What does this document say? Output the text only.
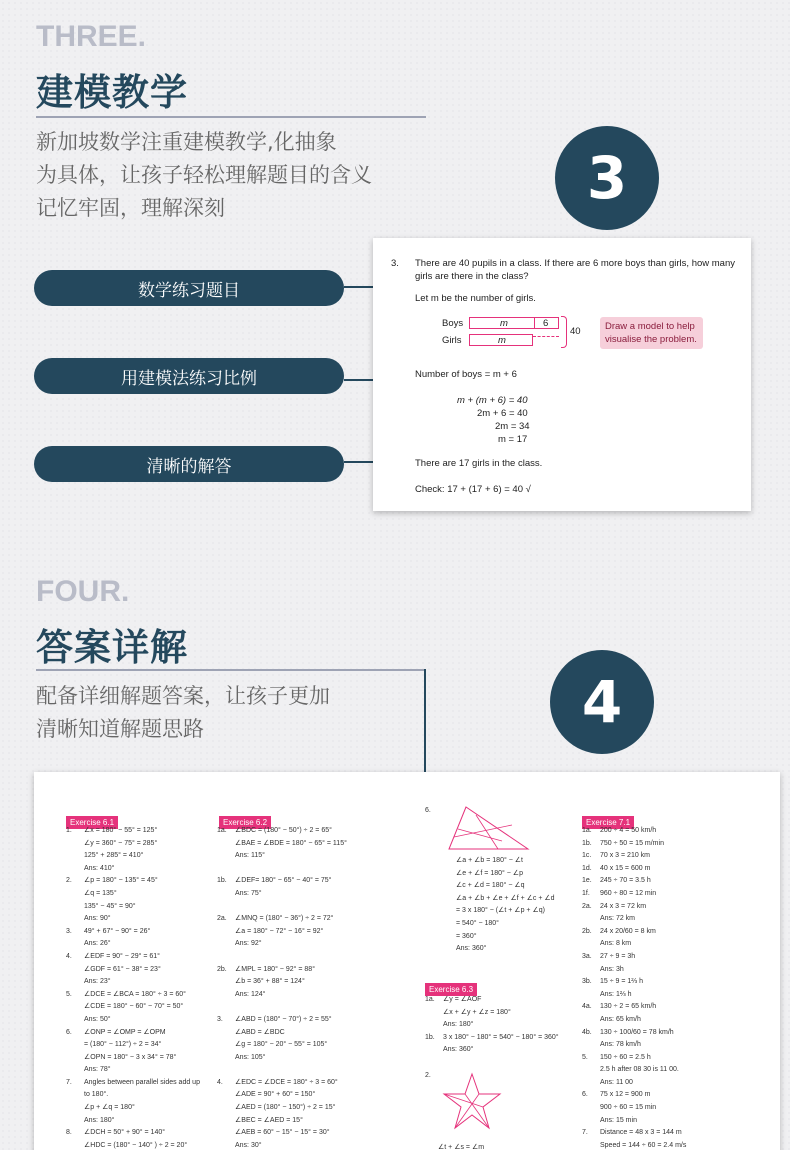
THREE.
建模教学
新加坡数学注重建模教学,化抽象
为具体，让孩子轻松理解题目的含义
记忆牢固，理解深刻	3
数学练习题目
用建模法练习比例
清晰的解答
3. There are 40 pupils in a class. If there are 6 more boys than girls, how many
girls are there in the class?
Let m be the number of girls.
Boys	m	6
Girls	m
40	Draw a model to help
visualise the problem.
Number of boys = m + 6
m + (m + 6) = 40
2m + 6 = 40
2m = 34
m = 17
There are 17 girls in the class.
Check: 17 + (17 + 6) = 40 √
FOUR.
答案详解
配备详细解题答案，让孩子更加
清晰知道解题思路	4
Exercise 6.1
1.	∠x = 180° − 55° = 125°

∠y = 360° − 75° = 285°

125° + 285° = 410°

Ans: 410°
2.	∠p = 180° − 135° = 45°

∠q = 135°

135° − 45° = 90°

Ans: 90°
3.	49° + 67° − 90° = 26°

Ans: 26°
4.	∠EDF = 90° − 29° = 61°

∠GDF = 61° − 38° = 23°

Ans: 23°
5.	∠DCE = ∠BCA = 180° ÷ 3 = 60°

∠CDE = 180° − 60° − 70° = 50°

Ans: 50°
6.	∠ONP = ∠OMP = ∠OPM

= (180° − 112°) ÷ 2 = 34°

∠OPN = 180° − 3 x 34° = 78°

Ans: 78°
7.	Angles between parallel sides add up

to 180°.

∠p + ∠q = 180°

Ans: 180°
8.	∠DCH = 50° + 90° = 140°

∠HDC = (180° − 140° ) ÷ 2 = 20°
Exercise 6.2
1a.	∠BDC = (180° − 50°) ÷ 2 = 65°

∠BAE = ∠BDE = 180° − 65° = 115°

Ans: 115°

1b.	∠DEF= 180° − 65° − 40° = 75°

Ans: 75°

2a.	∠MNQ = (180° − 36°) ÷ 2 = 72°

∠a = 180° − 72° − 16° = 92°

Ans: 92°

2b.	∠MPL = 180° − 92° = 88°

∠b = 36° + 88° = 124°

Ans: 124°

3.	∠ABD = (180° − 70°) ÷ 2 = 55°

∠ABD = ∠BDC

∠g = 180° − 20° − 55° = 105°

Ans: 105°

4.	∠EDC = ∠DCE = 180° ÷ 3 = 60°

∠ADE = 90° + 60° = 150°

∠AED = (180° − 150°) ÷ 2 = 15°

∠BEC = ∠AED = 15°

∠AEB = 60° − 15° − 15° = 30°

Ans: 30°
6.

∠a + ∠b = 180° − ∠t

∠e + ∠f = 180° − ∠p

∠c + ∠d = 180° − ∠q

∠a + ∠b + ∠e + ∠f + ∠c + ∠d

= 3 x 180° − (∠t + ∠p + ∠q)

= 540° − 180°

= 360°

Ans: 360°
Exercise 6.3
1a.	∠y = ∠AOF

∠x + ∠y + ∠z = 180°

Ans: 180°
1b.	3 x 180° − 180° = 540° − 180° = 360°

Ans: 360°
2.
∠t + ∠s = ∠m
Exercise 7.1
1a.	200 ÷ 4 = 50 km/h
1b.	750 ÷ 50 = 15 m/min
1c.	70 x 3 = 210 km
1d.	40 x 15 = 600 m
1e.	245 ÷ 70 = 3.5 h
1f.	960 ÷ 80 = 12 min
2a.	24 x 3 = 72 km

Ans: 72 km
2b.	24 x 20/60 = 8 km

Ans: 8 km
3a.	27 ÷ 9 = 3h

Ans: 3h
3b.	15 ÷ 9 = 1⅔ h

Ans: 1⅔ h
4a.	130 ÷ 2 = 65 km/h

Ans: 65 km/h
4b.	130 ÷ 100/60 = 78 km/h

Ans: 78 km/h
5.	150 ÷ 60 = 2.5 h

2.5 h after 08 30 is 11 00.

Ans: 11 00
6.	75 x 12 = 900 m

900 ÷ 60 = 15 min

Ans: 15 min
7.	Distance = 48 x 3 = 144 m

Speed = 144 ÷ 60 = 2.4 m/s
